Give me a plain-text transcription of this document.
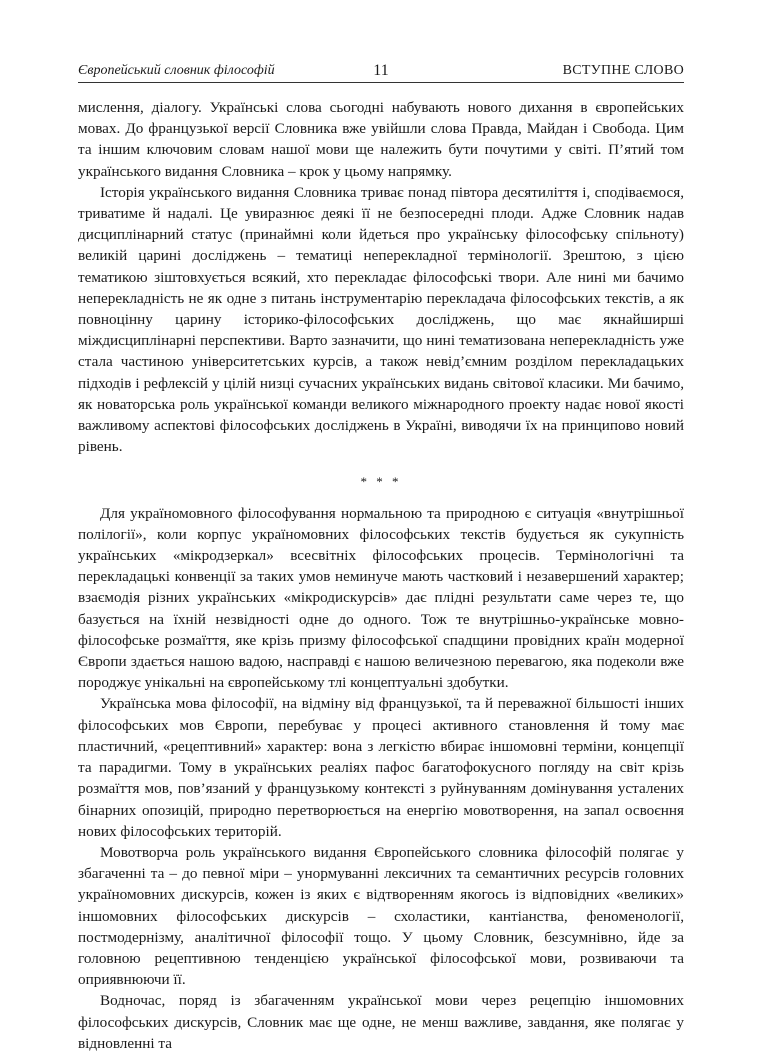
Європейський словник філософій	11	ВСТУПНЕ СЛОВО

мислення, діалогу. Українські слова сьогодні набувають нового дихання в європейських мовах. До французької версії Словника вже увійшли слова Правда, Майдан і Свобода. Цим та іншим ключовим словам нашої мови ще належить бути почутими у світі. П’ятий том українського видання Словника – крок у цьому напрямку.

Історія українського видання Словника триває понад півтора десятиліття і, сподіваємося, триватиме й надалі. Це увиразнює деякі її не безпосередні плоди. Адже Словник надав дисциплінарний статус (принаймні коли йдеться про українську філософську спільноту) великій царині досліджень – тематиці неперекладної термінології. Зрештою, з цією тематикою зіштовхується всякий, хто перекладає філософські твори. Але нині ми бачимо неперекладність не як одне з питань інструментарію перекладача філософських текстів, а як повноцінну царину історико-філософських досліджень, що має якнайширші міждисциплінарні перспективи. Варто зазначити, що нині тематизована неперекладність уже стала частиною університетських курсів, а також невід’ємним розділом перекладацьких підходів і рефлексій у цілій низці сучасних українських видань світової класики. Ми бачимо, як новаторська роль української команди великого міжнародного проекту надає нової якості важливому аспектові філософських досліджень в Україні, виводячи їх на принципово новий рівень.

* * *

Для україномовного філософування нормальною та природною є ситуація «внутрішньої полілогії», коли корпус україномовних філософських текстів будується як сукупність українських «мікродзеркал» всесвітніх філософських процесів. Термінологічні та перекладацькі конвенції за таких умов неминуче мають частковий і незавершений характер; взаємодія різних українських «мікродискурсів» дає плідні результати саме через те, що базується на їхній незвідності одне до одного. Тож те внутрішньо-українське мовно-філософське розмаїття, яке крізь призму філософської спадщини провідних країн модерної Європи здається нашою вадою, насправді є нашою величезною перевагою, яка подеколи вже породжує унікальні на європейському тлі концептуальні здобутки.

Українська мова філософії, на відміну від французької, та й переважної більшості інших філософських мов Європи, перебуває у процесі активного становлення й тому має пластичний, «рецептивний» характер: вона з легкістю вбирає іншомовні терміни, концепції та парадигми. Тому в українських реаліях пафос багатофокусного погляду на світ крізь розмаїття мов, пов’язаний у французькому контексті з руйнуванням домінування усталених бінарних опозицій, природно перетворюється на енергію мовотворення, на запал освоєння нових філософських територій.

Мовотворча роль українського видання Європейського словника філософій полягає у збагаченні та – до певної міри – унормуванні лексичних та семантичних ресурсів головних україномовних дискурсів, кожен із яких є відтворенням якогось із відповідних «великих» іншомовних філософських дискурсів – схоластики, кантіанства, феноменології, постмодернізму, аналітичної філософії тощо. У цьому Словник, безсумнівно, йде за головною рецептивною тенденцією української філософської мови, розвиваючи та оприявнюючи її.

Водночас, поряд із збагаченням української мови через рецепцію іншомовних філософських дискурсів, Словник має ще одне, не менш важливе, завдання, яке полягає у відновленні та
